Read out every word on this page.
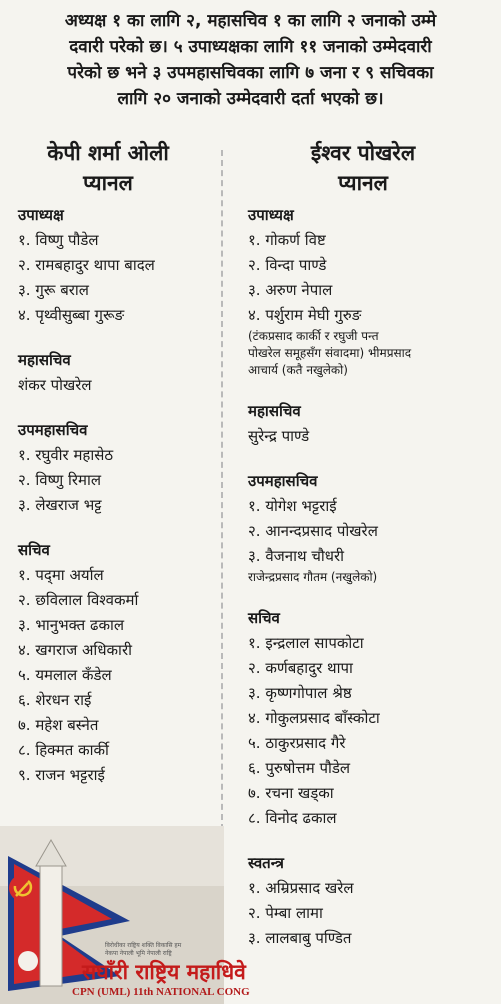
अध्यक्ष १ का लागि २, महासचिव १ का लागि २ जनाको उम्मे
दवारी परेको छ। ५ उपाध्यक्षका लागि ११ जनाको उम्मेदवारी
परेको छ भने ३ उपमहासचिवका लागि ७ जना र ९ सचिवका
लागि २० जनाको उम्मेदवारी दर्ता भएको छ।
केपी शर्मा ओली
प्यानल
उपाध्यक्ष
१. विष्णु पौडेल
२. रामबहादुर थापा बादल
३. गुरू बराल
४. पृथ्वीसुब्बा गुरूङ
महासचिव
शंकर पोखरेल
उपमहासचिव
१. रघुवीर महासेठ
२. विष्णु रिमाल
३. लेखराज भट्ट
सचिव
१. पद्‌मा अर्याल
२. छविलाल विश्वकर्मा
३. भानुभक्त ढकाल
४. खगराज अधिकारी
५. यमलाल कँडेल
६. शेरधन राई
७. महेश बस्नेत
८. हिक्मत कार्की
९. राजन भट्टराई
ईश्वर पोखरेल
प्यानल
उपाध्यक्ष
१. गोकर्ण विष्ट
२. विन्दा पाण्डे
३. अरुण नेपाल
४. पर्शुराम मेघी गुरुङ
(टंकप्रसाद कार्की र रघुजी पन्त
पोखरेल समूहसँग संवादमा) भीमप्रसाद
आचार्य (कतै नखुलेको)
महासचिव
सुरेन्द्र पाण्डे
उपमहासचिव
१. योगेश भट्टराई
२. आनन्दप्रसाद पोखरेल
३. वैजनाथ चौधरी
राजेन्द्रप्रसाद गौतम (नखुलेको)
सचिव
१. इन्द्रलाल सापकोटा
२. कर्णबहादुर थापा
३. कृष्णगोपाल श्रेष्ठ
४. गोकुलप्रसाद बाँस्कोटा
५. ठाकुरप्रसाद गैरे
६. पुरुषोत्तम पौडेल
७. रचना खड्का
८. विनोद ढकाल
स्वतन्त्र
१. अम्रिप्रसाद खरेल
२. पेम्बा लामा
३. लालबाबु पण्डित
विरोधीका राष्ट्रिय शक्ति विकासि हम
नेकपा नेपाली भूमि नेपाली राष्ट्रि
सघाँरी राष्ट्रिय महाधिवे
CPN (UML) 11th NATIONAL CONG
